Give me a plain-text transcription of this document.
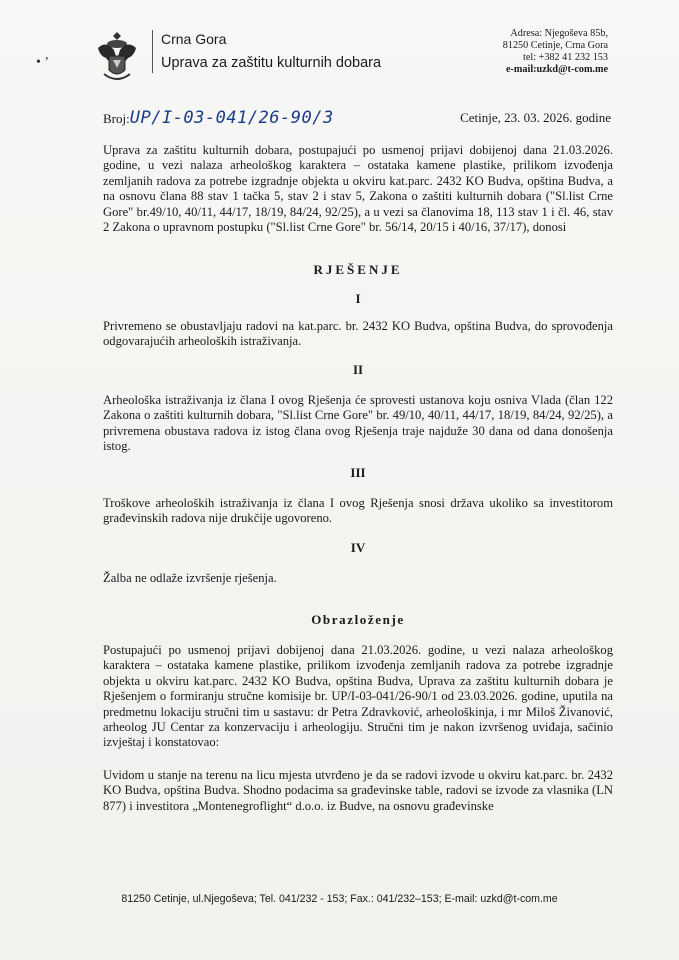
• ’
Crna Gora
Uprava za zaštitu kulturnih dobara
Adresa: Njegoševa 85b,
81250 Cetinje, Crna Gora
tel: +382 41 232 153
e-mail:uzkd@t-com.me
Broj:UP/I-03-041/26-90/3	Cetinje, 23. 03. 2026. godine
Uprava za zaštitu kulturnih dobara, postupajući po usmenoj prijavi dobijenoj dana 21.03.2026. godine, u vezi nalaza arheološkog karaktera – ostataka kamene plastike, prilikom izvođenja zemljanih radova za potrebe izgradnje objekta u okviru kat.parc. 2432 KO Budva, opština Budva, a na osnovu člana 88 stav 1 tačka 5, stav 2 i stav 5, Zakona o zaštiti kulturnih dobara ("Sl.list Crne Gore" br.49/10, 40/11, 44/17, 18/19, 84/24, 92/25), a u vezi sa članovima 18, 113 stav 1 i čl. 46, stav 2 Zakona o upravnom postupku ("Sl.list Crne Gore" br. 56/14, 20/15 i 40/16, 37/17), donosi
RJEŠENJE
I
Privremeno se obustavljaju radovi na kat.parc. br. 2432 KO Budva, opština Budva, do sprovođenja odgovarajućih arheoloških istraživanja.
II
Arheološka istraživanja iz člana I ovog Rješenja će sprovesti ustanova koju osniva Vlada (član 122 Zakona o zaštiti kulturnih dobara, "Sl.list Crne Gore" br. 49/10, 40/11, 44/17, 18/19, 84/24, 92/25), a privremena obustava radova iz istog člana ovog Rješenja traje najduže 30 dana od dana donošenja istog.
III
Troškove arheoloških istraživanja iz člana I ovog Rješenja snosi država ukoliko sa investitorom građevinskih radova nije drukčije ugovoreno.
IV
Žalba ne odlaže izvršenje rješenja.
Obrazloženje
Postupajući po usmenoj prijavi dobijenoj dana 21.03.2026. godine, u vezi nalaza arheološkog karaktera – ostataka kamene plastike, prilikom izvođenja zemljanih radova za potrebe izgradnje objekta u okviru kat.parc. 2432 KO Budva, opština Budva, Uprava za zaštitu kulturnih dobara je Rješenjem o formiranju stručne komisije br. UP/I-03-041/26-90/1 od 23.03.2026. godine, uputila na predmetnu lokaciju stručni tim u sastavu: dr Petra Zdravković, arheološkinja, i mr Miloš Živanović, arheolog JU Centar za konzervaciju i arheologiju. Stručni tim je nakon izvršenog uviđaja, sačinio izvještaj i konstatovao:
Uvidom u stanje na terenu na licu mjesta utvrđeno je da se radovi izvode u okviru kat.parc. br. 2432 KO Budva, opština Budva. Shodno podacima sa građevinske table, radovi se izvode za vlasnika (LN 877) i investitora „Montenegroflight“ d.o.o. iz Budve, na osnovu građevinske
81250 Cetinje, ul.Njegoševa; Tel. 041/232 - 153; Fax.: 041/232–153; E-mail: uzkd@t-com.me
